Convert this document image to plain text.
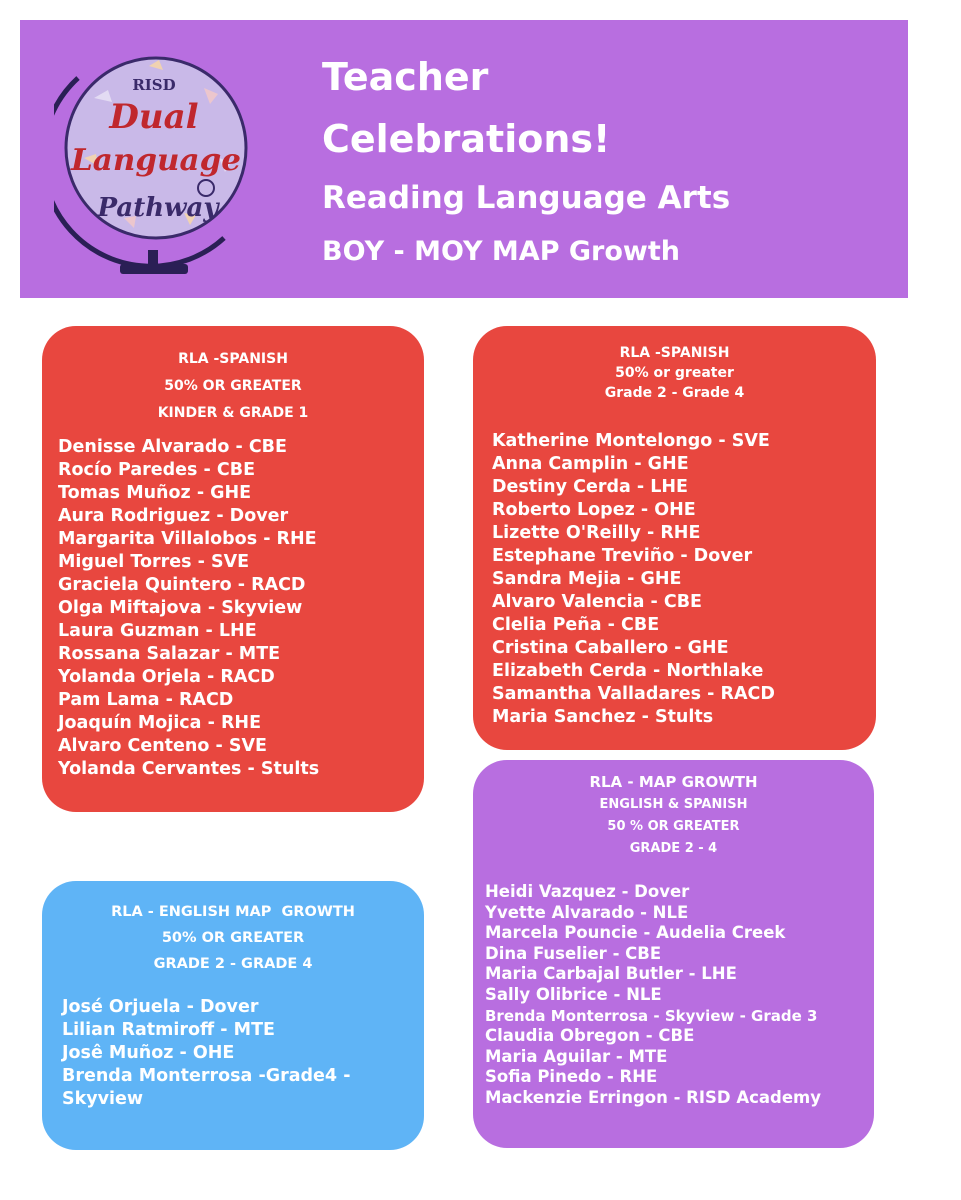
RISD
Dual
Language
Pathway
Teacher
Celebrations!
Reading Language Arts
BOY - MOY MAP Growth
RLA -SPANISH
50% OR GREATER
KINDER & GRADE 1
Denisse Alvarado - CBE
Rocío Paredes - CBE
Tomas Muñoz - GHE
Aura Rodriguez - Dover
Margarita Villalobos - RHE
Miguel Torres - SVE
Graciela Quintero - RACD
Olga Miftajova - Skyview
Laura Guzman - LHE
Rossana Salazar - MTE
Yolanda Orjela - RACD
Pam Lama - RACD
Joaquín Mojica - RHE
Alvaro Centeno - SVE
Yolanda Cervantes - Stults
RLA -SPANISH
50% or greater
Grade 2 - Grade 4
Katherine Montelongo - SVE
Anna Camplin - GHE
Destiny Cerda - LHE
Roberto Lopez - OHE
Lizette O'Reilly - RHE
Estephane Treviño - Dover
Sandra Mejia - GHE
Alvaro Valencia - CBE
Clelia Peña - CBE
Cristina Caballero - GHE
Elizabeth Cerda - Northlake
Samantha Valladares - RACD
Maria Sanchez - Stults
RLA - MAP GROWTH
ENGLISH & SPANISH
50 % OR GREATER
GRADE 2 - 4
Heidi Vazquez - Dover
Yvette Alvarado - NLE
Marcela Pouncie - Audelia Creek
Dina Fuselier - CBE
Maria Carbajal Butler - LHE
Sally Olibrice - NLE
Brenda Monterrosa - Skyview - Grade 3
Claudia Obregon - CBE
Maria Aguilar - MTE
Sofia Pinedo - RHE
Mackenzie Erringon - RISD Academy
RLA - ENGLISH MAP  GROWTH
50% OR GREATER
GRADE 2 - GRADE 4
José Orjuela - Dover
Lilian Ratmiroff - MTE
Josê Muñoz - OHE
Brenda Monterrosa -Grade4 -
Skyview
